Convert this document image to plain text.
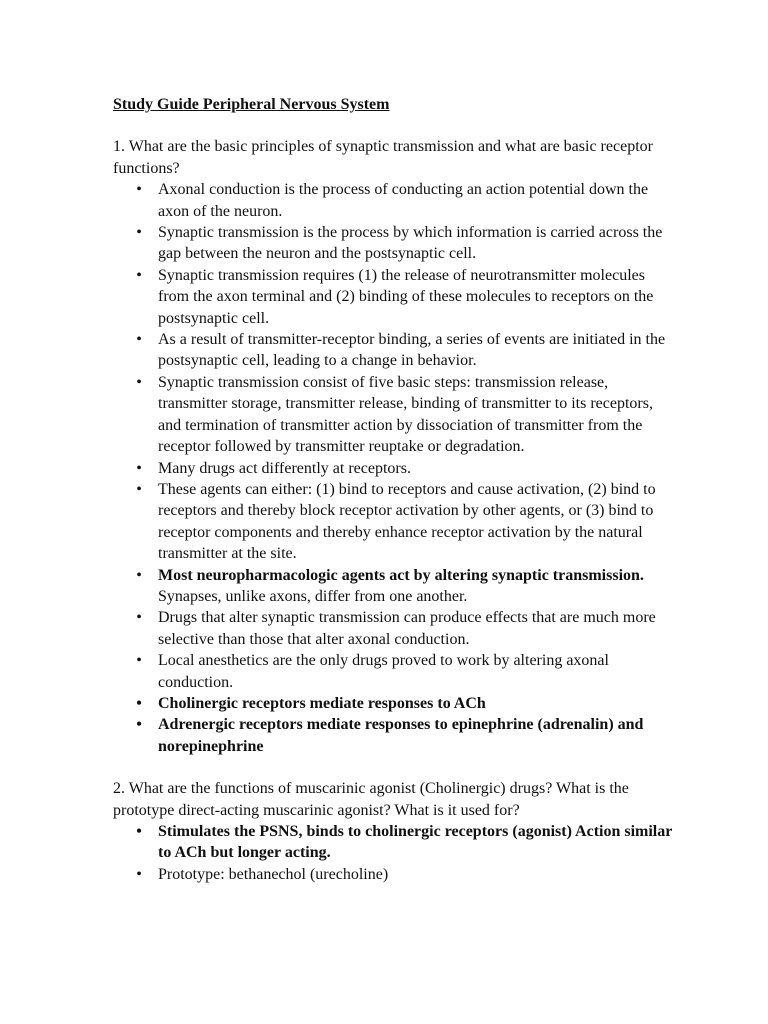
Study Guide Peripheral Nervous System

1. What are the basic principles of synaptic transmission and what are basic receptor functions?

• Axonal conduction is the process of conducting an action potential down the axon of the neuron.
• Synaptic transmission is the process by which information is carried across the gap between the neuron and the postsynaptic cell.
• Synaptic transmission requires (1) the release of neurotransmitter molecules from the axon terminal and (2) binding of these molecules to receptors on the postsynaptic cell.
• As a result of transmitter-receptor binding, a series of events are initiated in the postsynaptic cell, leading to a change in behavior.
• Synaptic transmission consist of five basic steps: transmission release, transmitter storage, transmitter release, binding of transmitter to its receptors, and termination of transmitter action by dissociation of transmitter from the receptor followed by transmitter reuptake or degradation.
• Many drugs act differently at receptors.
• These agents can either: (1) bind to receptors and cause activation, (2) bind to receptors and thereby block receptor activation by other agents, or (3) bind to receptor components and thereby enhance receptor activation by the natural transmitter at the site.
• Most neuropharmacologic agents act by altering synaptic transmission. Synapses, unlike axons, differ from one another.
• Drugs that alter synaptic transmission can produce effects that are much more selective than those that alter axonal conduction.
• Local anesthetics are the only drugs proved to work by altering axonal conduction.
• Cholinergic receptors mediate responses to ACh
• Adrenergic receptors mediate responses to epinephrine (adrenalin) and norepinephrine

2. What are the functions of muscarinic agonist (Cholinergic) drugs? What is the prototype direct-acting muscarinic agonist? What is it used for?

• Stimulates the PSNS, binds to cholinergic receptors (agonist) Action similar to ACh but longer acting.
• Prototype: bethanechol (urecholine)
